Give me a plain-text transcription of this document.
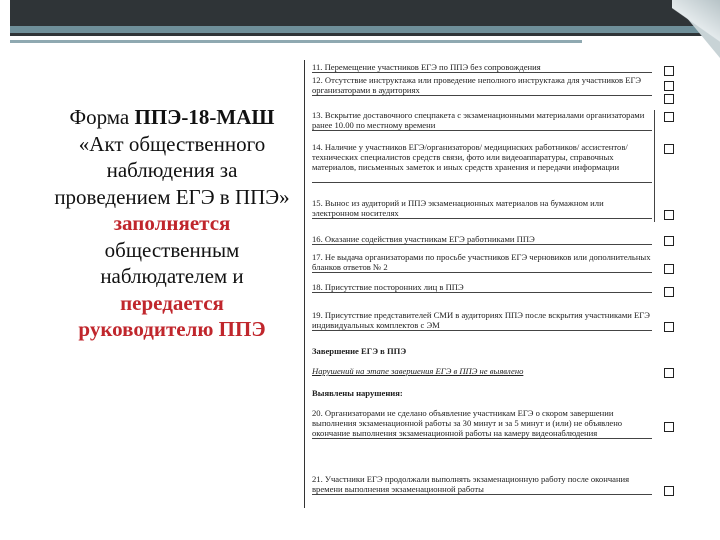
Форма ППЭ-18-МАШ «Акт общественного наблюдения за проведением ЕГЭ в ППЭ» заполняется общественным наблюдателем и передается руководителю ППЭ
11. Перемещение участников ЕГЭ по ППЭ без сопровождения
12. Отсутствие инструктажа или проведение неполного инструктажа для участников ЕГЭ организаторами в аудиториях
13. Вскрытие доставочного спецпакета с экзаменационными материалами организаторами ранее 10.00 по местному времени
14. Наличие у участников ЕГЭ/организаторов/ медицинских работников/ ассистентов/ техническиx специалистов средств связи, фото или видеоаппаратуры, справочных материалов, письменных заметок и иных средств хранения и передачи информации
15. Вынос из аудиторий и ППЭ экзаменационных материалов на бумажном или электронном носителях
16. Оказание содействия участникам ЕГЭ работниками ППЭ
17. Не выдача организаторами по просьбе участников ЕГЭ черновиков или дополнительных бланков ответов № 2
18. Присутствие посторонних лиц в ППЭ
19. Присутствие представителей СМИ в аудиториях ППЭ после вскрытия участниками ЕГЭ индивидуальных комплектов с ЭМ
Завершение ЕГЭ в ППЭ
Нарушений на этапе завершения ЕГЭ в ППЭ не выявлено
Выявлены нарушения:
20. Организаторами не сделано объявление участникам ЕГЭ о скором завершении выполнения экзаменационной работы за 30 минут и за 5 минут и (или) не объявлено окончание выполнения экзаменационной работы на камеру видеонаблюдения
21. Участники ЕГЭ продолжали выполнять экзаменационную работу после окончания времени выполнения экзаменационной работы
